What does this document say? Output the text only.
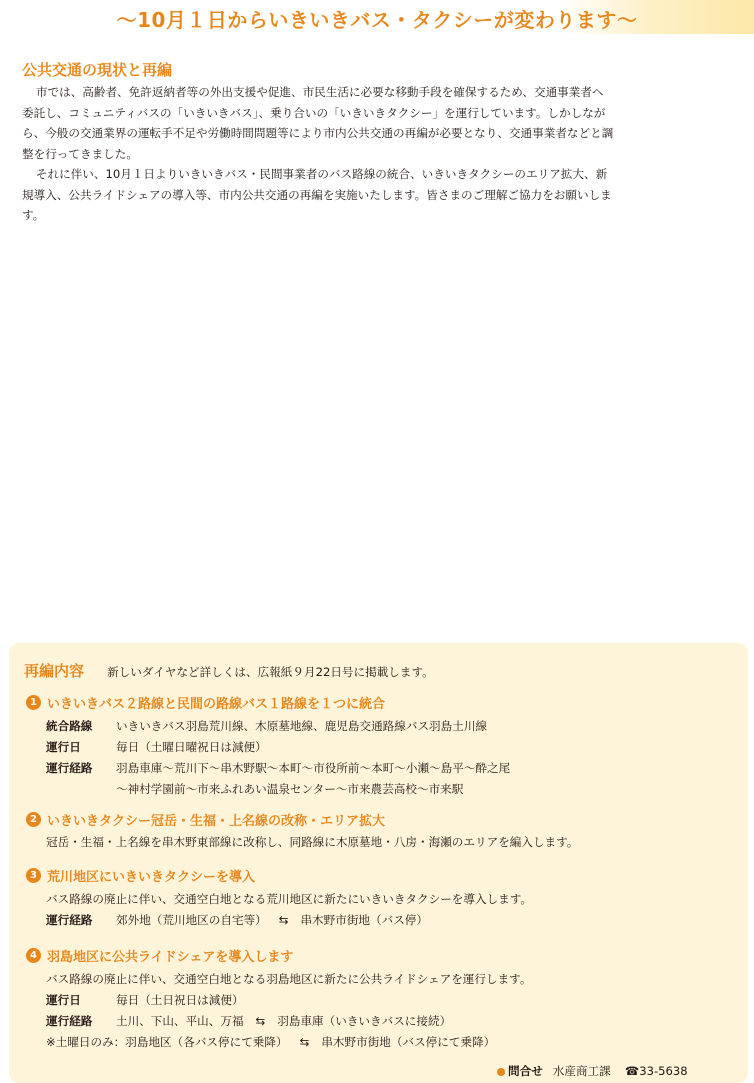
〜10月１日からいきいきバス・タクシーが変わります〜
公共交通の現状と再編

市では、高齢者、免許返納者等の外出支援や促進、市民生活に必要な移動手段を確保するため、交通事業者へ委託し、コミュニティバスの「いきいきバス」、乗り合いの「いきいきタクシー」を運行しています。しかしながら、今般の交通業界の運転手不足や労働時間問題等により市内公共交通の再編が必要となり、交通事業者などと調整を行ってきました。

それに伴い、10月１日よりいきいきバス・民間事業者のバス路線の統合、いきいきタクシーのエリア拡大、新規導入、公共ライドシェアの導入等、市内公共交通の再編を実施いたします。皆さまのご理解ご協力をお願いします。

再編内容 新しいダイヤなど詳しくは、広報紙９月22日号に掲載します。
1 いきいきバス２路線と民間の路線バス１路線を１つに統合
統合路線 いきいきバス羽島荒川線、木原墓地線、鹿児島交通路線バス羽島土川線
運行日	毎日（土曜日曜祝日は減便）
運行経路 羽島車庫〜荒川下〜串木野駅〜本町〜市役所前〜本町〜小瀬〜島平〜酔之尾
〜神村学園前〜市来ふれあい温泉センター〜市来農芸高校〜市来駅
2 いきいきタクシー冠岳・生福・上名線の改称・エリア拡大
冠岳・生福・上名線を串木野東部線に改称し、同路線に木原墓地・八房・海瀬のエリアを編入します。
3 荒川地区にいきいきタクシーを導入
バス路線の廃止に伴い、交通空白地となる荒川地区に新たにいきいきタクシーを導入します。
運行経路 郊外地（荒川地区の自宅等） ⇆ 串木野市街地（バス停）
4 羽島地区に公共ライドシェアを導入します
バス路線の廃止に伴い、交通空白地となる羽島地区に新たに公共ライドシェアを運行します。
運行日	毎日（土日祝日は減便）
運行経路 土川、下山、平山、万福 ⇆ 羽島車庫（いきいきバスに接続）
※土曜日のみ：羽島地区（各バス停にて乗降） ⇆ 串木野市街地（バス停にて乗降）
問合せ 水産商工課 ☎33-5638
